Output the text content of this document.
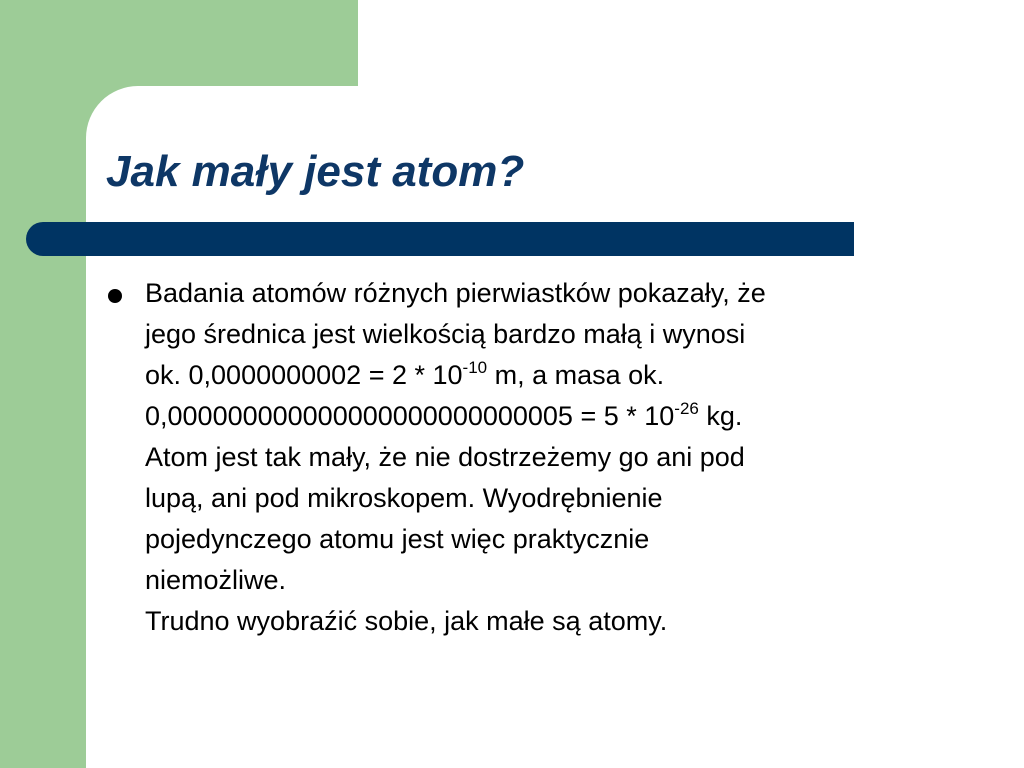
Jak mały jest atom?

Badania atomów różnych pierwiastków pokazały, że
jego średnica jest wielkością bardzo małą i wynosi
ok. $0,0000000002 = 2 * 10^{-10}$ m, a masa ok.
$0,000000000000000000000000005 = 5 * 10^{-26}$ kg.
Atom jest tak mały, że nie dostrzeżemy go ani pod
lupą, ani pod mikroskopem. Wyodrębnienie
pojedynczego atomu jest więc praktycznie
niemożliwe.
Trudno wyobraźić sobie, jak małe są atomy.
